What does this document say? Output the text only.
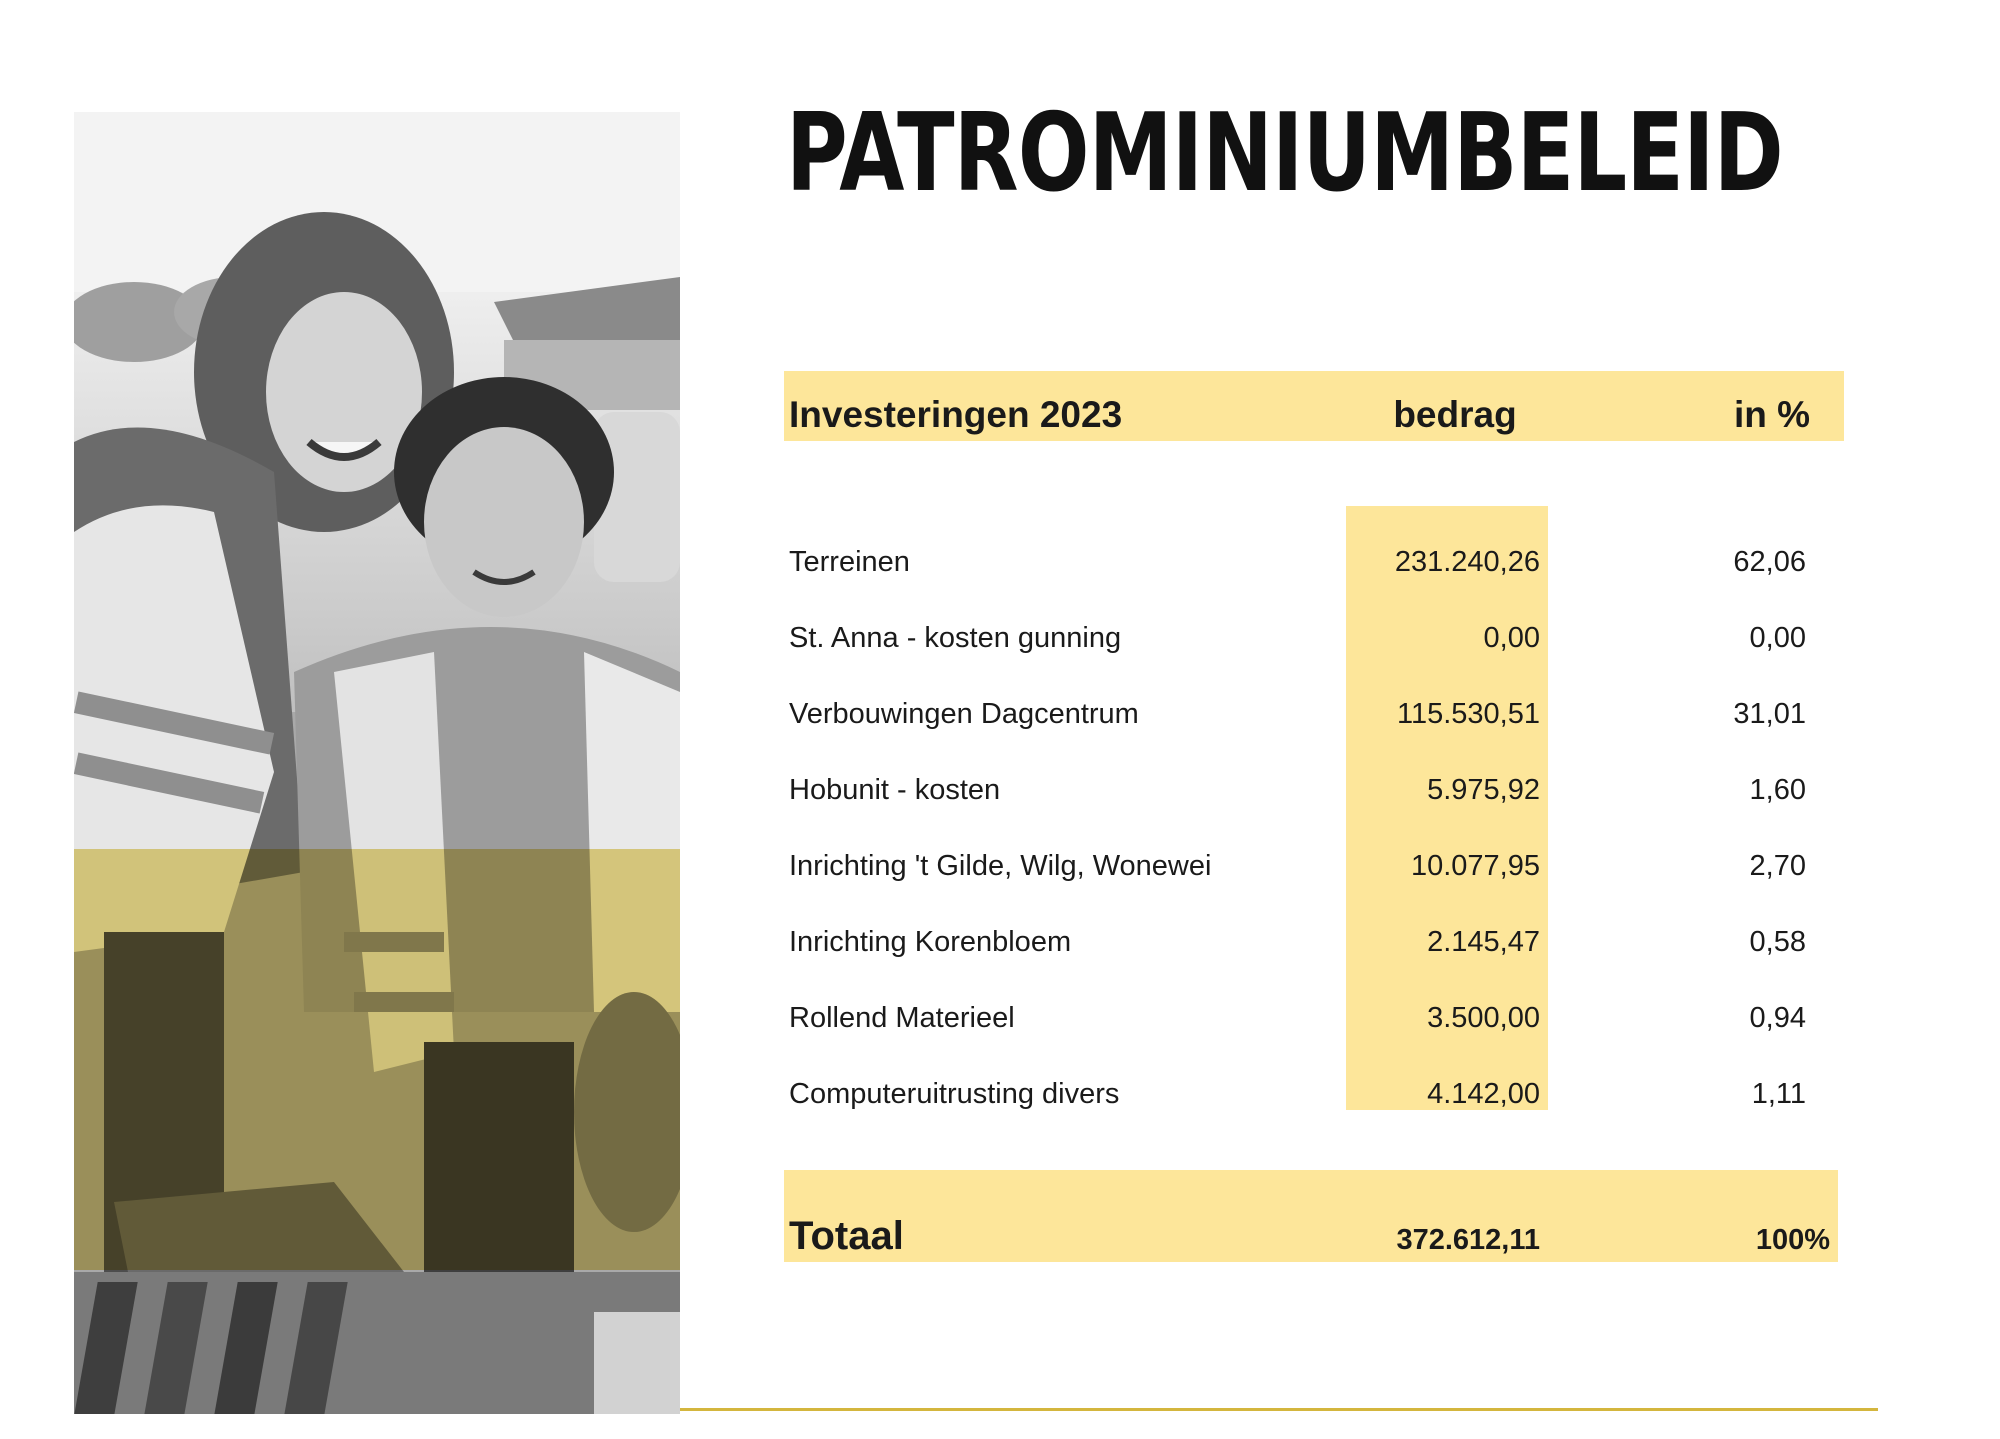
PATROMINIUMBELEID
Investeringen 2023	bedrag	in %
Terreinen	231.240,26	62,06
St. Anna - kosten gunning	0,00	0,00
Verbouwingen Dagcentrum	115.530,51	31,01
Hobunit - kosten	5.975,92	1,60
Inrichting 't Gilde, Wilg, Wonewei	10.077,95	2,70
Inrichting Korenbloem	2.145,47	0,58
Rollend Materieel	3.500,00	0,94
Computeruitrusting divers	4.142,00	1,11
Totaal	372.612,11	100%
